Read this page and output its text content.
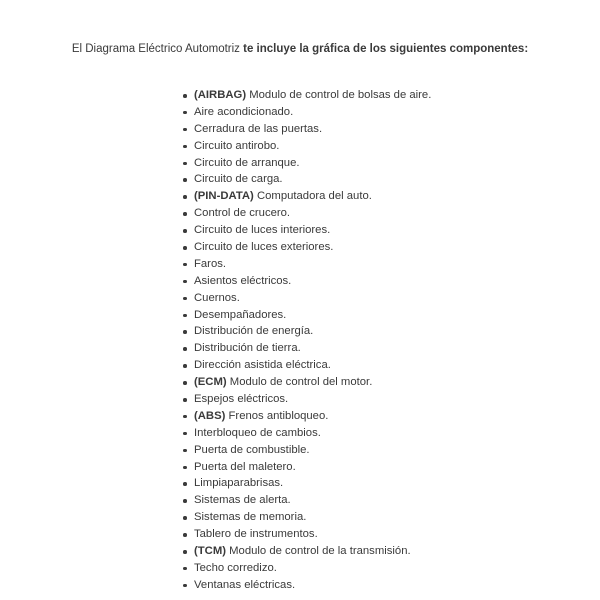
El Diagrama Eléctrico Automotriz te incluye la gráfica de los siguientes componentes:
(AIRBAG) Modulo de control de bolsas de aire.
Aire acondicionado.
Cerradura de las puertas.
Circuito antirobo.
Circuito de arranque.
Circuito de carga.
(PIN-DATA) Computadora del auto.
Control de crucero.
Circuito de luces interiores.
Circuito de luces exteriores.
Faros.
Asientos eléctricos.
Cuernos.
Desempañadores.
Distribución de energía.
Distribución de tierra.
Dirección asistida eléctrica.
(ECM) Modulo de control del motor.
Espejos eléctricos.
(ABS) Frenos antibloqueo.
Interbloqueo de cambios.
Puerta de combustible.
Puerta del maletero.
Limpiaparabrisas.
Sistemas de alerta.
Sistemas de memoria.
Tablero de instrumentos.
(TCM) Modulo de control de la transmisión.
Techo corredizo.
Ventanas eléctricas.
